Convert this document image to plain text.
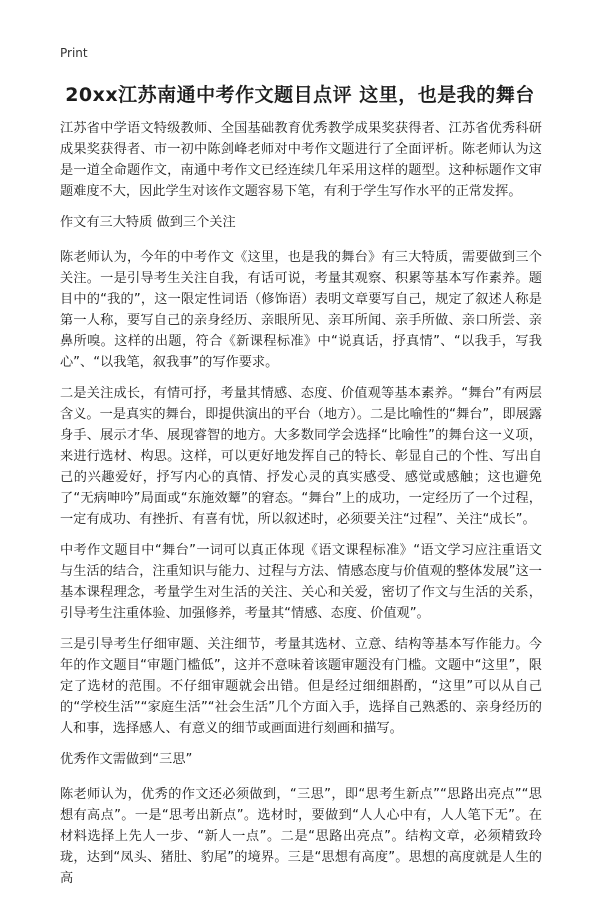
Print
20xx江苏南通中考作文题目点评 这里，也是我的舞台

江苏省中学语文特级教师、全国基础教育优秀教学成果奖获得者、江苏省优秀科研成果奖获得者、市一初中陈剑峰老师对中考作文题进行了全面评析。陈老师认为这是一道全命题作文，南通中考作文已经连续几年采用这样的题型。这种标题作文审题难度不大，因此学生对该作文题容易下笔，有利于学生写作水平的正常发挥。

作文有三大特质 做到三个关注

陈老师认为，今年的中考作文《这里，也是我的舞台》有三大特质，需要做到三个关注。一是引导考生关注自我，有话可说，考量其观察、积累等基本写作素养。题目中的“我的”，这一限定性词语（修饰语）表明文章要写自己，规定了叙述人称是第一人称，要写自己的亲身经历、亲眼所见、亲耳所闻、亲手所做、亲口所尝、亲鼻所嗅。这样的出题，符合《新课程标准》中“说真话，抒真情”、“以我手，写我心”、“以我笔，叙我事”的写作要求。

二是关注成长，有情可抒，考量其情感、态度、价值观等基本素养。“舞台”有两层含义。一是真实的舞台，即提供演出的平台（地方）。二是比喻性的“舞台”，即展露身手、展示才华、展现睿智的地方。大多数同学会选择“比喻性”的舞台这一义项，来进行选材、构思。这样，可以更好地发挥自己的特长、彰显自己的个性、写出自己的兴趣爱好，抒写内心的真情、抒发心灵的真实感受、感觉或感触；这也避免了“无病呻吟”局面或“东施效颦”的窘态。“舞台”上的成功，一定经历了一个过程，一定有成功、有挫折、有喜有忧，所以叙述时，必须要关注“过程”、关注“成长”。

中考作文题目中“舞台”一词可以真正体现《语文课程标准》“语文学习应注重语文与生活的结合，注重知识与能力、过程与方法、情感态度与价值观的整体发展”这一基本课程理念，考量学生对生活的关注、关心和关爱，密切了作文与生活的关系，引导考生注重体验、加强修养，考量其“情感、态度、价值观”。

三是引导考生仔细审题、关注细节，考量其选材、立意、结构等基本写作能力。今年的作文题目“审题门槛低”，这并不意味着该题审题没有门槛。文题中“这里”，限定了选材的范围。不仔细审题就会出错。但是经过细细斟酌，“这里”可以从自己的“学校生活”“家庭生活”“社会生活”几个方面入手，选择自己熟悉的、亲身经历的人和事，选择感人、有意义的细节或画面进行刻画和描写。

优秀作文需做到“三思”

陈老师认为，优秀的作文还必须做到，“三思”，即“思考生新点”“思路出亮点”“思想有高点”。一是“思考出新点”。选材时，要做到“人人心中有，人人笔下无”。在材料选择上先人一步、“新人一点”。二是“思路出亮点”。结构文章，必须精致玲珑，达到“凤头、猪肚、豹尾”的境界。三是“思想有高度”。思想的高度就是人生的高
